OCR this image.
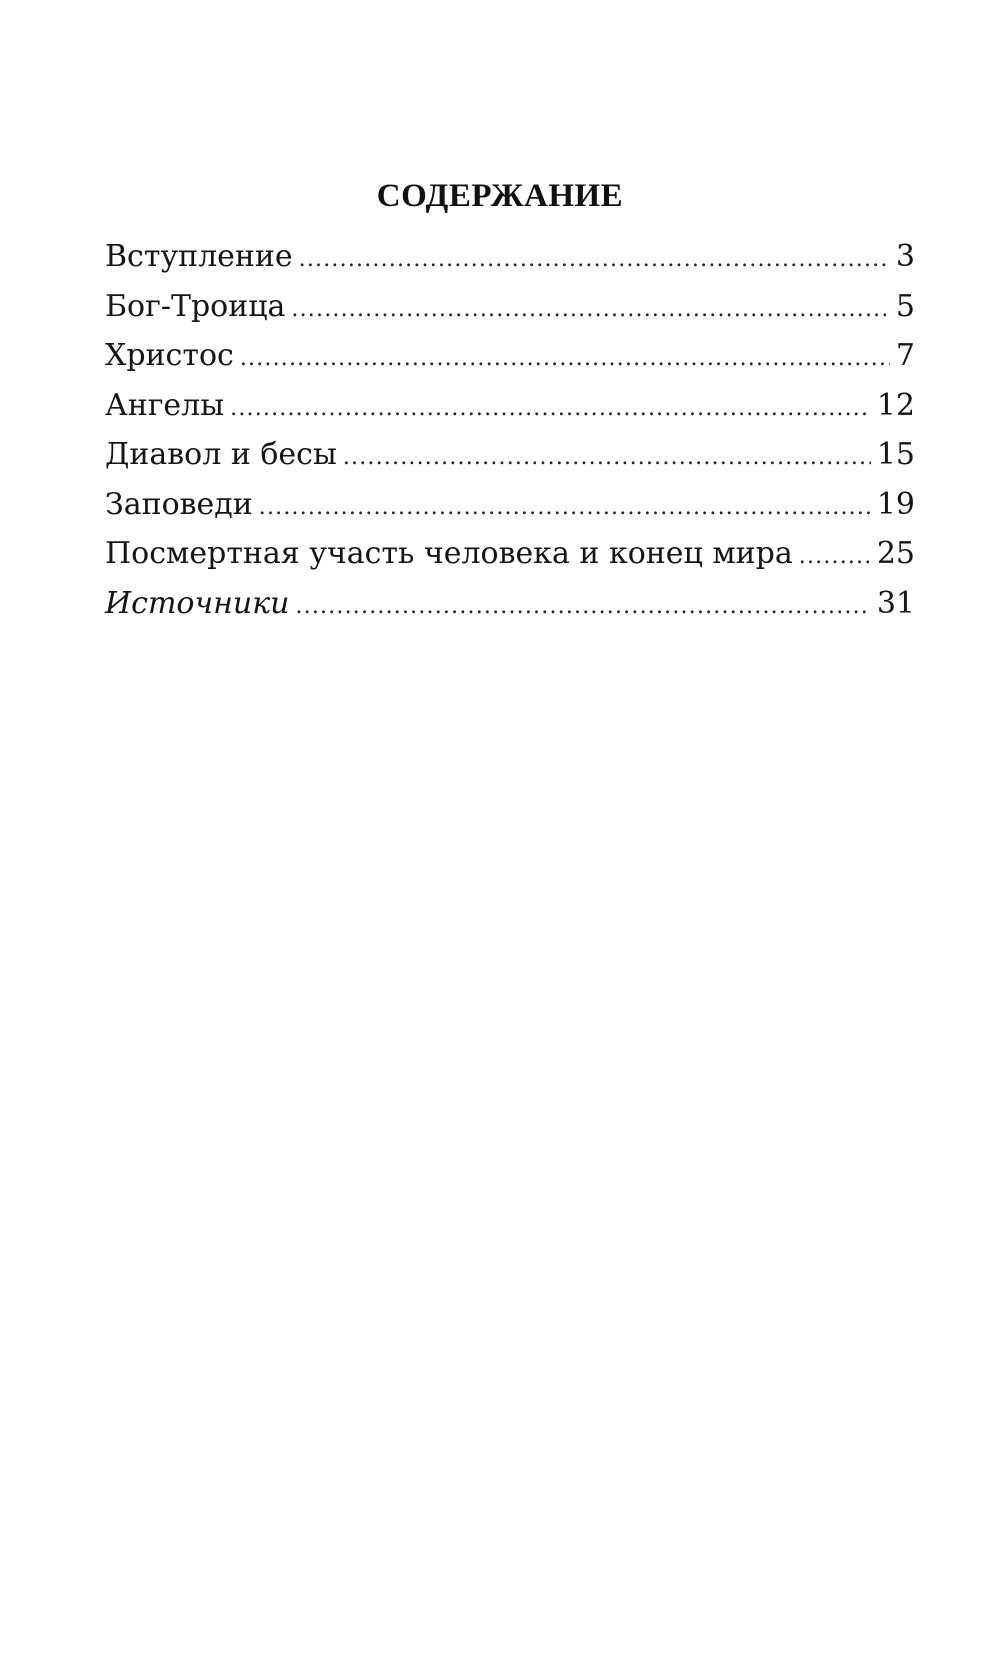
СОДЕРЖАНИЕ
Вступление .....	3
Бог-Троица .....	5
Христос .....	7
Ангелы .....	12
Диавол и бесы .....	15
Заповеди .....	19
Посмертная участь человека и конец мира .....	25
Источники .....	31
